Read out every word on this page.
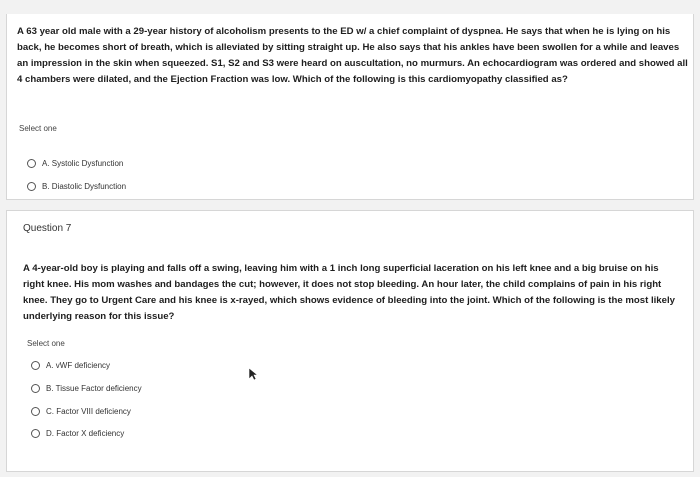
A 63 year old male with a 29-year history of alcoholism presents to the ED w/ a chief complaint of dyspnea. He says that when he is lying on his back, he becomes short of breath, which is alleviated by sitting straight up. He also says that his ankles have been swollen for a while and leaves an impression in the skin when squeezed. S1, S2 and S3 were heard on auscultation, no murmurs. An echocardiogram was ordered and showed all 4 chambers were dilated, and the Ejection Fraction was low. Which of the following is this cardiomyopathy classified as?
Select one
A. Systolic Dysfunction
B. Diastolic Dysfunction
Question 7
A 4-year-old boy is playing and falls off a swing, leaving him with a 1 inch long superficial laceration on his left knee and a big bruise on his right knee. His mom washes and bandages the cut; however, it does not stop bleeding. An hour later, the child complains of pain in his right knee. They go to Urgent Care and his knee is x-rayed, which shows evidence of bleeding into the joint. Which of the following is the most likely underlying reason for this issue?
Select one
A. vWF deficiency
B. Tissue Factor deficiency
C. Factor VIII deficiency
D. Factor X deficiency
